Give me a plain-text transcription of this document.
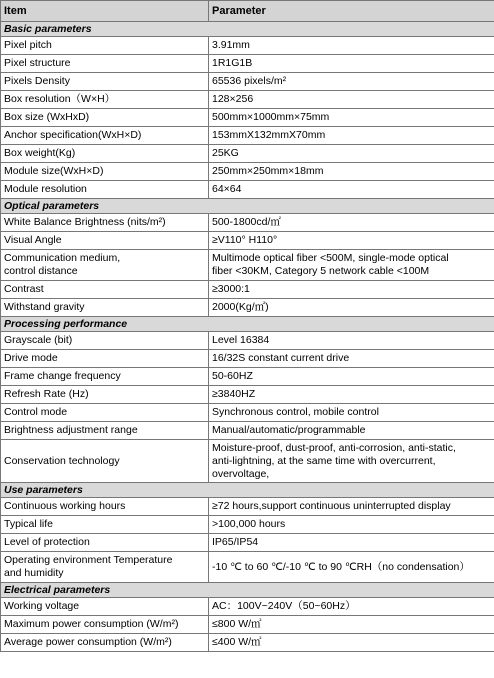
Item	Parameter
Basic parameters	
Pixel pitch	3.91mm
Pixel structure	1R1G1B
Pixels Density	65536 pixels/m²
Box resolution（W×H）	128×256
Box size (WxHxD)	500mm×1000mm×75mm
Anchor specification(WxH×D)	153mmX132mmX70mm
Box weight(Kg)	25KG
Module size(WxH×D)	250mm×250mm×18mm
Module resolution	64×64
Optical parameters	
White Balance Brightness (nits/m²)	500-1800cd/㎡
Visual Angle	≥V110° H110°
Communication medium,
control distance	Multimode optical fiber <500M, single-mode optical
fiber <30KM, Category 5 network cable <100M
Contrast	≥3000:1
Withstand gravity	2000(Kg/㎡)
Processing performance	
Grayscale (bit)	Level 16384
Drive mode	16/32S constant current drive
Frame change frequency	50-60HZ
Refresh Rate (Hz)	≥3840HZ
Control mode	Synchronous control, mobile control
Brightness adjustment range	Manual/automatic/programmable
Conservation technology	Moisture-proof, dust-proof, anti-corrosion, anti-static,
anti-lightning, at the same time with overcurrent,
overvoltage,
Use parameters	
Continuous working hours	≥72 hours,support continuous uninterrupted display
Typical life	>100,000 hours
Level of protection	IP65/IP54
Operating environment Temperature
and humidity	-10 ℃ to 60 ℃/-10 ℃ to 90 ℃RH（no condensation）
Electrical parameters	
Working voltage	AC：100V~240V（50~60Hz）
Maximum power consumption (W/m²)	≤800 W/㎡
Average power consumption (W/m²)	≤400 W/㎡
